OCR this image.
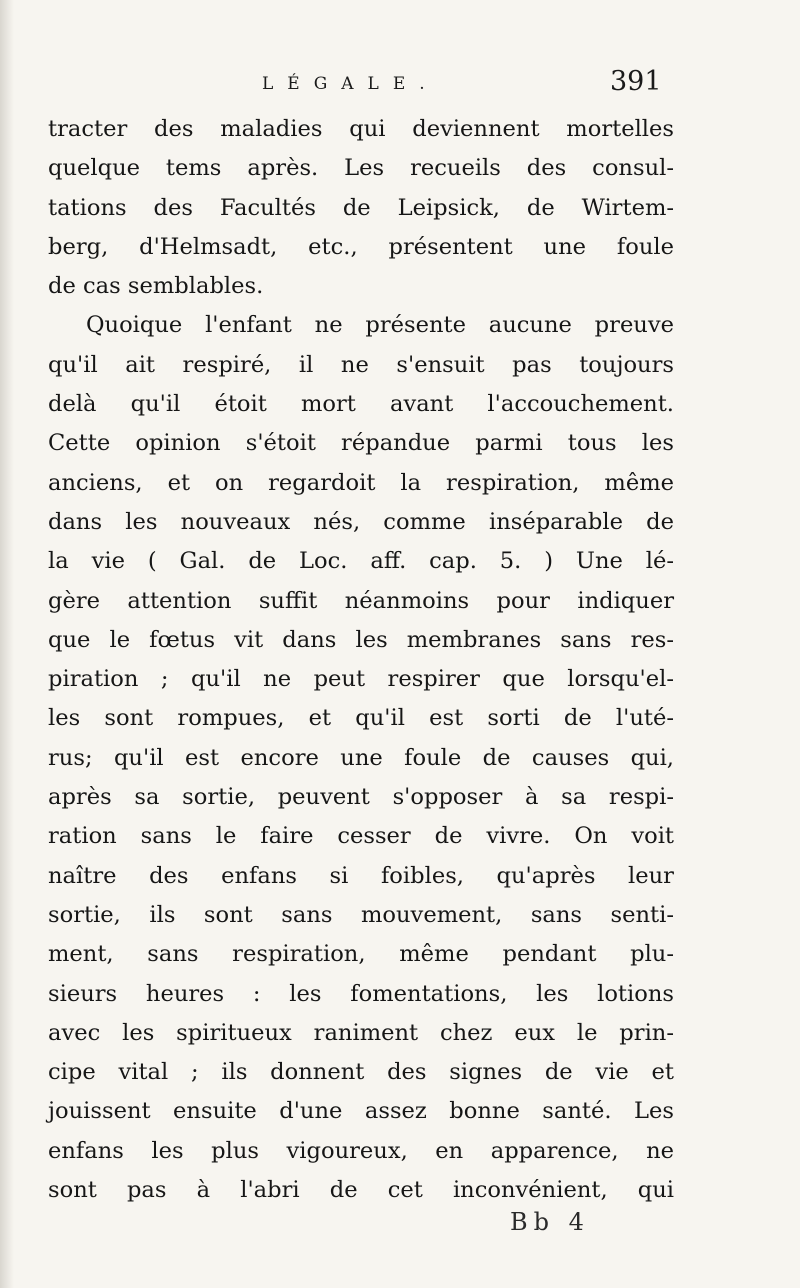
LÉGALE.	391
tracter des maladies qui deviennent mortelles
quelque tems après. Les recueils des consul-
tations des Facultés de Leipsick, de Wirtem-
berg, d'Helmsadt, etc., présentent une foule
de cas semblables.
Quoique l'enfant ne présente aucune preuve
qu'il ait respiré, il ne s'ensuit pas toujours
delà qu'il étoit mort avant l'accouchement.
Cette opinion s'étoit répandue parmi tous les
anciens, et on regardoit la respiration, même
dans les nouveaux nés, comme inséparable de
la vie ( Gal. de Loc. aff. cap. 5. ) Une lé-
gère attention suffit néanmoins pour indiquer
que le fœtus vit dans les membranes sans res-
piration ; qu'il ne peut respirer que lorsqu'el-
les sont rompues, et qu'il est sorti de l'uté-
rus; qu'il est encore une foule de causes qui,
après sa sortie, peuvent s'opposer à sa respi-
ration sans le faire cesser de vivre. On voit
naître des enfans si foibles, qu'après leur
sortie, ils sont sans mouvement, sans senti-
ment, sans respiration, même pendant plu-
sieurs heures : les fomentations, les lotions
avec les spiritueux raniment chez eux le prin-
cipe vital ; ils donnent des signes de vie et
jouissent ensuite d'une assez bonne santé. Les
enfans les plus vigoureux, en apparence, ne
sont pas à l'abri de cet inconvénient, qui
Bb 4
